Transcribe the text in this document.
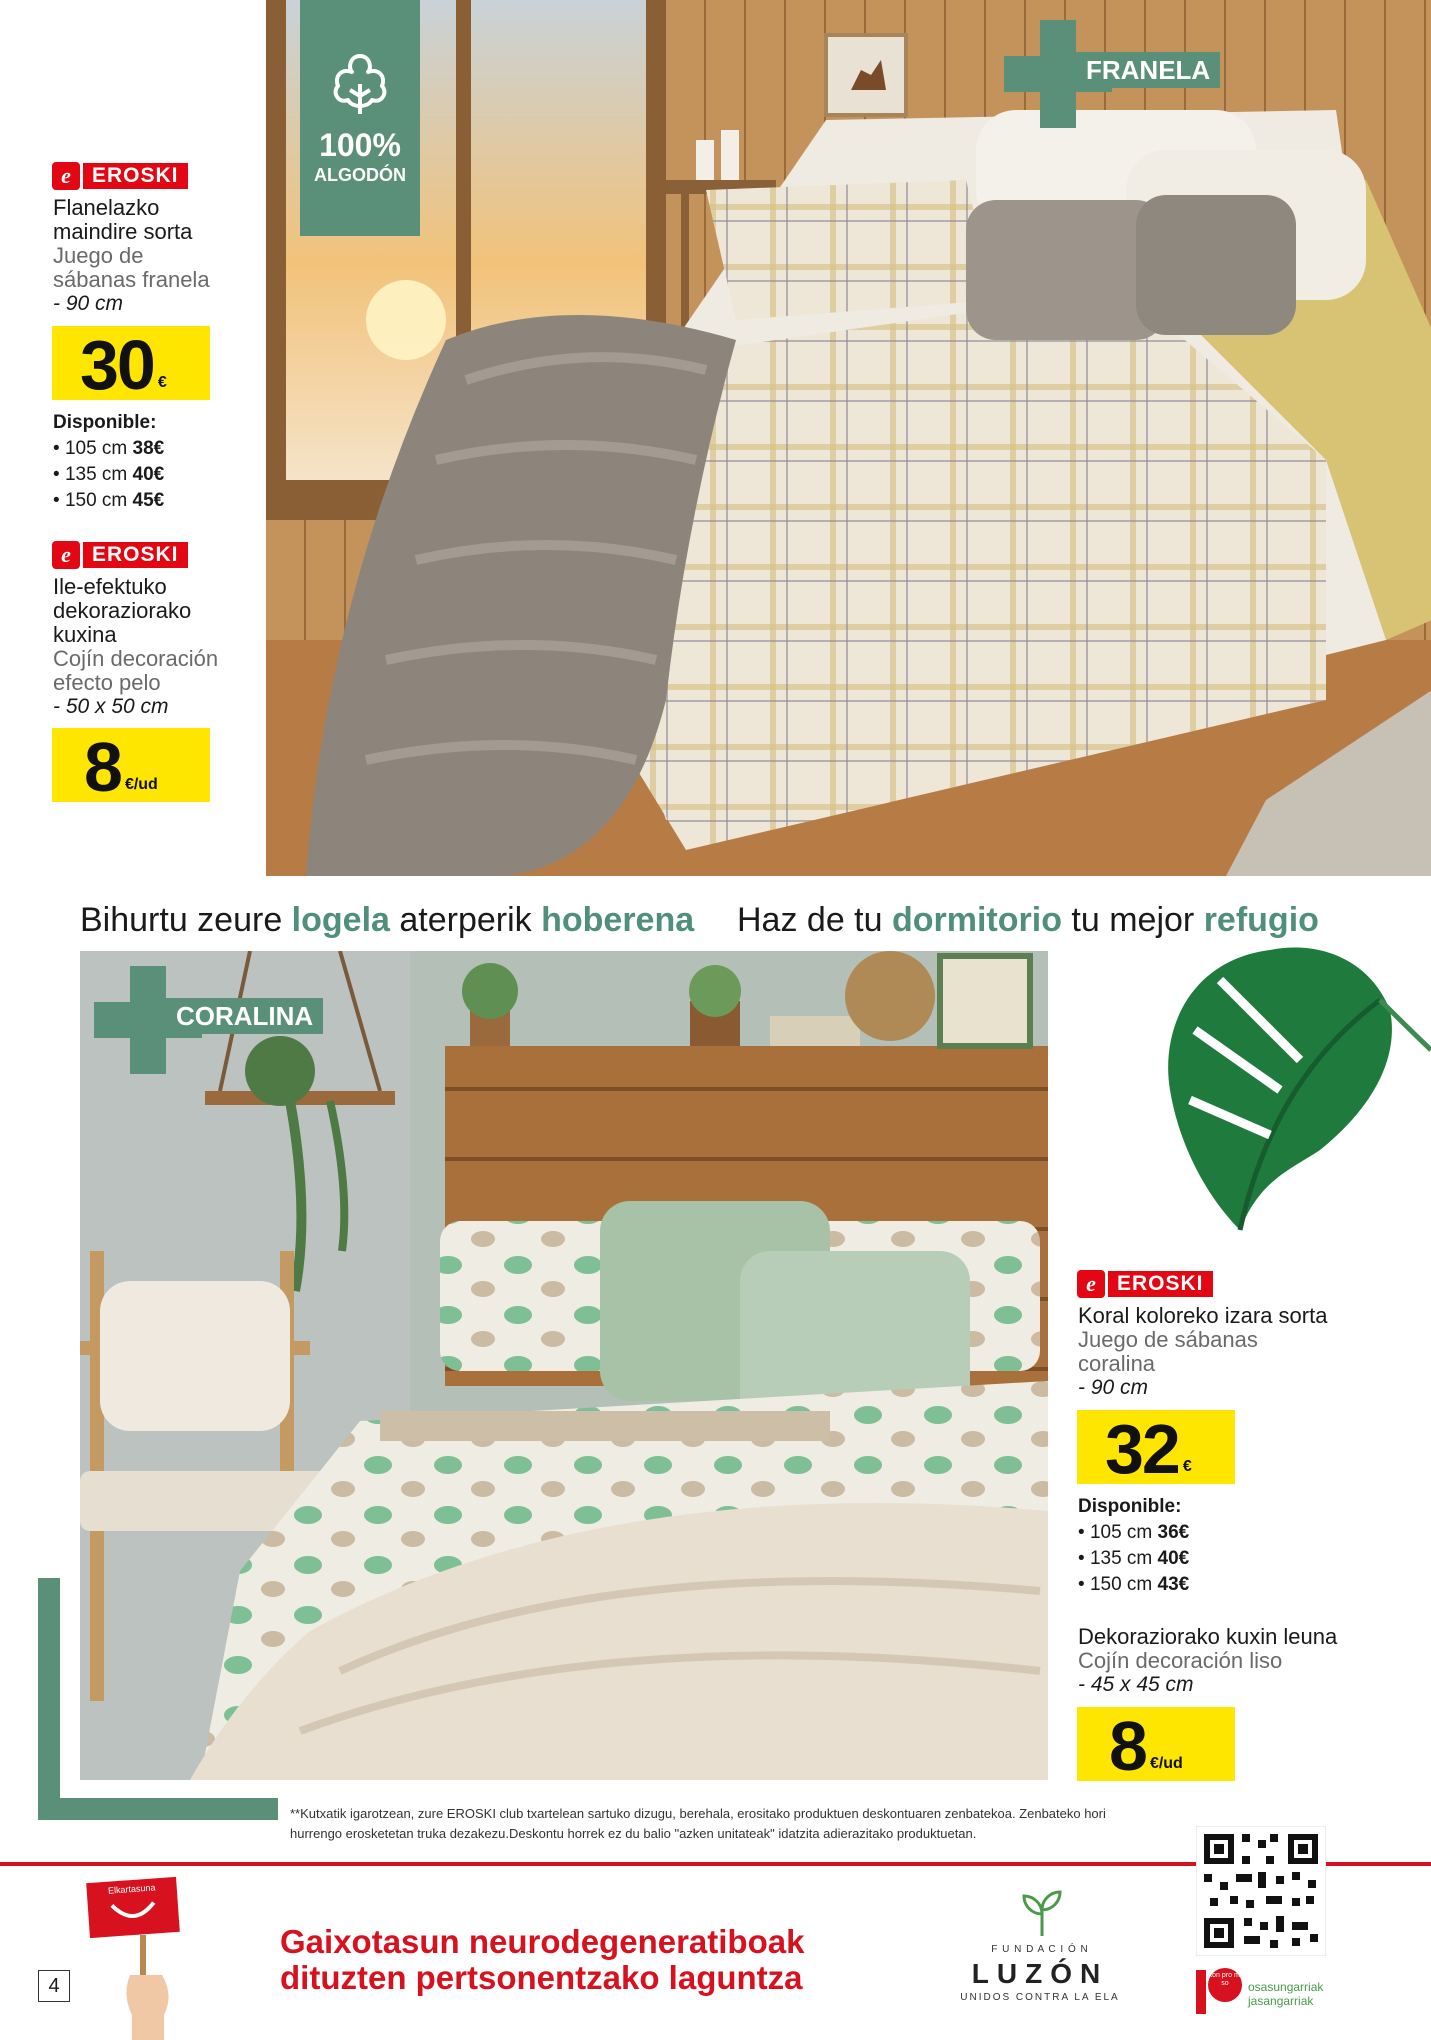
100%
ALGODÓN
FRANELA
e	EROSKI
Flanelazko
maindire sorta
Juego de
sábanas franela
- 90 cm
30 €
Disponible:
• 105 cm 38€
• 135 cm 40€
• 150 cm 45€
e	EROSKI
Ile-efektuko
dekoraziorako
kuxina
Cojín decoración
efecto pelo
- 50 x 50 cm
8 €/ud
Bihurtu zeure logela aterperik hoberena Haz de tu dormitorio tu mejor refugio
CORALINA
e	EROSKI
Koral koloreko izara sorta
Juego de sábanas
coralina
- 90 cm
32 €
Disponible:
• 105 cm 36€
• 135 cm 40€
• 150 cm 43€
Dekoraziorako kuxin leuna
Cojín decoración liso
- 45 x 45 cm
8 €/ud
**Kutxatik igarotzean, zure EROSKI club txartelean sartuko dizugu, berehala, erositako produktuen deskontuaren zenbatekoa. Zenbateko hori
hurrengo erosketetan truka dezakezu.Deskontu horrek ez du balio "azken unitateak" idatzita adierazitako produktuetan.
Elkartasuna
4
Gaixotasun neurodegeneratiboak
dituzten pertsonentzako laguntza
F U N D A C I Ó N
LUZÓN
UNIDOS CONTRA LA ELA
kon pro mi so	osasungarriak
jasangarriak
